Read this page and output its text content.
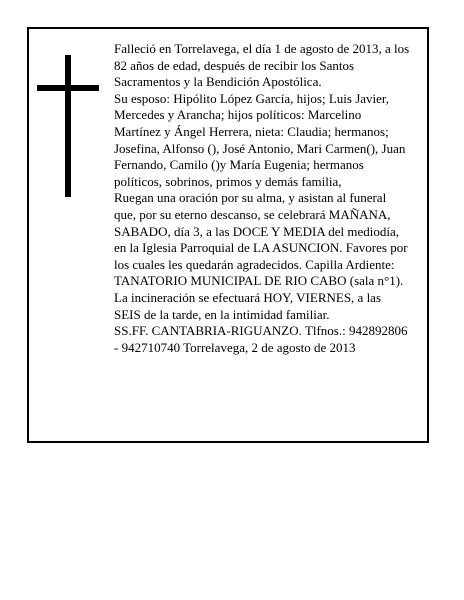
Falleció en Torrelavega, el día 1 de agosto de 2013, a los 82 años de edad, después de recibir los Santos Sacramentos y la Bendición Apostólica.

Su esposo: Hipólito López García, hijos; Luis Javier, Mercedes y Arancha; hijos políticos: Marcelino Martínez y Ángel Herrera, nieta: Claudia; hermanos; Josefina, Alfonso (), José Antonio, Mari Carmen(), Juan Fernando, Camilo ()y María Eugenia; hermanos políticos, sobrinos, primos y demás familia,

Ruegan una oración por su alma, y asistan al funeral que, por su eterno descanso, se celebrará MAÑANA, SABADO, día 3, a las DOCE Y MEDIA del mediodía, en la Iglesia Parroquial de LA ASUNCION. Favores por los cuales les quedarán agradecidos. Capilla Ardiente: TANATORIO MUNICIPAL DE RIO CABO (sala n°1). La incineración se efectuará HOY, VIERNES, a las SEIS de la tarde, en la intimidad familiar.

SS.FF. CANTABRIA-RIGUANZO. Tlfnos.: 942892806 - 942710740 Torrelavega, 2 de agosto de 2013
